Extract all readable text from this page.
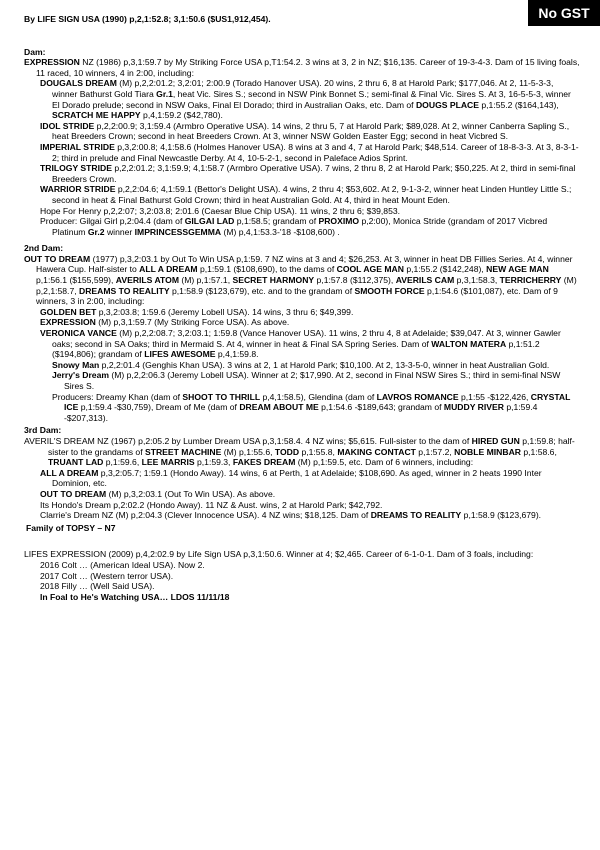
No GST
By LIFE SIGN USA (1990) p,2,1:52.8; 3,1:50.6 ($US1,912,454).
Dam:

EXPRESSION NZ (1986) p,3,1:59.7 by My Striking Force USA p,T1:54.2. 3 wins at 3, 2 in NZ; $16,135. Career of 19-3-4-3. Dam of 15 living foals, 11 raced, 10 winners, 4 in 2:00, including:

DOUGALS DREAM (M) p,2,2:01.2; 3,2:01; 2:00.9 (Torado Hanover USA). 20 wins, 2 thru 6, 8 at Harold Park; $177,046. At 2, 11-5-3-3, winner Bathurst Gold Tiara Gr.1, heat Vic. Sires S.; second in NSW Pink Bonnet S.; semi-final & Final Vic. Sires S. At 3, 16-5-5-3, winner El Dorado prelude; second in NSW Oaks, Final El Dorado; third in Australian Oaks, etc. Dam of DOUGS PLACE p,1:55.2 ($164,143), SCRATCH ME HAPPY p,4,1:59.2 ($42,780).

IDOL STRIDE p,2,2:00.9; 3,1:59.4 (Armbro Operative USA). 14 wins, 2 thru 5, 7 at Harold Park; $89,028. At 2, winner Canberra Sapling S., heat Breeders Crown; second in heat Breeders Crown. At 3, winner NSW Golden Easter Egg; second in heat Vicbred S.

IMPERIAL STRIDE p,3,2:00.8; 4,1:58.6 (Holmes Hanover USA). 8 wins at 3 and 4, 7 at Harold Park; $48,514. Career of 18-8-3-3. At 3, 8-3-1-2; third in prelude and Final Newcastle Derby. At 4, 10-5-2-1, second in Paleface Adios Sprint.

TRILOGY STRIDE p,2,2:01.2; 3,1:59.9; 4,1:58.7 (Armbro Operative USA). 7 wins, 2 thru 8, 2 at Harold Park; $50,225. At 2, third in semi-final Breeders Crown.

WARRIOR STRIDE p,2,2:04.6; 4,1:59.1 (Bettor's Delight USA). 4 wins, 2 thru 4; $53,602. At 2, 9-1-3-2, winner heat Linden Huntley Little S.; second in heat & Final Bathurst Gold Crown; third in heat Australian Gold. At 4, third in heat Mount Eden.

Hope For Henry p,2,2:07; 3,2:03.8; 2:01.6 (Caesar Blue Chip USA). 11 wins, 2 thru 6; $39,853.

Producer: Gilgai Girl p,2:04.4 (dam of GILGAI LAD p,1:58.5; grandam of PROXIMO p,2:00), Monica Stride (grandam of 2017 Vicbred Platinum Gr.2 winner IMPRINCESSGEMMA (M) p,4,1:53.3-'18 -$108,600) .

2nd Dam:

OUT TO DREAM (1977) p,3,2:03.1 by Out To Win USA p,1:59. 7 NZ wins at 3 and 4; $26,253. At 3, winner in heat DB Fillies Series. At 4, winner Hawera Cup. Half-sister to ALL A DREAM p,1:59.1 ($108,690), to the dams of COOL AGE MAN p,1:55.2 ($142,248), NEW AGE MAN p,1:56.1 ($155,599), AVERILS ATOM (M) p,1:57.1, SECRET HARMONY p,1:57.8 ($112,375), AVERILS CAM p,3,1:58.3, TERRICHERRY (M) p,2,1:58.7, DREAMS TO REALITY p,1:58.9 ($123,679), etc. and to the grandam of SMOOTH FORCE p,1:54.6 ($101,087), etc. Dam of 9 winners, 3 in 2:00, including:

GOLDEN BET p,3,2:03.8; 1:59.6 (Jeremy Lobell USA). 14 wins, 3 thru 6; $49,399.

EXPRESSION (M) p,3,1:59.7 (My Striking Force USA). As above.

VERONICA VANCE (M) p,2,2:08.7; 3,2:03.1; 1:59.8 (Vance Hanover USA). 11 wins, 2 thru 4, 8 at Adelaide; $39,047. At 3, winner Gawler oaks; second in SA Oaks; third in Mermaid S. At 4, winner in heat & Final SA Spring Series. Dam of WALTON MATERA p,1:51.2 ($194,806); grandam of LIFES AWESOME p,4,1:59.8.

Snowy Man p,2,2:01.4 (Genghis Khan USA). 3 wins at 2, 1 at Harold Park; $10,100. At 2, 13-3-5-0, winner in heat Australian Gold.

Jerry's Dream (M) p,2,2:06.3 (Jeremy Lobell USA). Winner at 2; $17,990. At 2, second in Final NSW Sires S.; third in semi-final NSW Sires S.

Producers: Dreamy Khan (dam of SHOOT TO THRILL p,4,1:58.5), Glendina (dam of LAVROS ROMANCE p,1:55 -$122,426, CRYSTAL ICE p,1:59.4 -$30,759), Dream of Me (dam of DREAM ABOUT ME p,1:54.6 -$189,643; grandam of MUDDY RIVER p,1:59.4 -$207,313).

3rd Dam:

AVERIL'S DREAM NZ (1967) p,2:05.2 by Lumber Dream USA p,3,1:58.4. 4 NZ wins; $5,615. Full-sister to the dam of HIRED GUN p,1:59.8; half-sister to the grandams of STREET MACHINE (M) p,1:55.6, TODD p,1:55.8, MAKING CONTACT p,1:57.2, NOBLE MINBAR p,1:58.6, TRUANT LAD p,1:59.6, LEE MARRIS p,1:59.3, FAKES DREAM (M) p,1:59.5, etc. Dam of 6 winners, including:

ALL A DREAM p,3,2:05.7; 1:59.1 (Hondo Away). 14 wins, 6 at Perth, 1 at Adelaide; $108,690. As aged, winner in 2 heats 1990 Inter Dominion, etc.

OUT TO DREAM (M) p,3,2:03.1 (Out To Win USA). As above.

Its Hondo's Dream p,2:02.2 (Hondo Away). 11 NZ & Aust. wins, 2 at Harold Park; $42,792.

Clarrie's Dream NZ (M) p,2:04.3 (Clever Innocence USA). 4 NZ wins; $18,125. Dam of DREAMS TO REALITY p,1:58.9 ($123,679).

Family of TOPSY – N7

LIFES EXPRESSION (2009) p,4,2:02.9 by Life Sign USA p,3,1:50.6. Winner at 4; $2,465. Career of 6-1-0-1. Dam of 3 foals, including:

2016 Colt … (American Ideal USA). Now 2.

2017 Colt … (Western terror USA).

2018 Filly … (Well Said USA).

In Foal to He's Watching USA… LDOS 11/11/18
